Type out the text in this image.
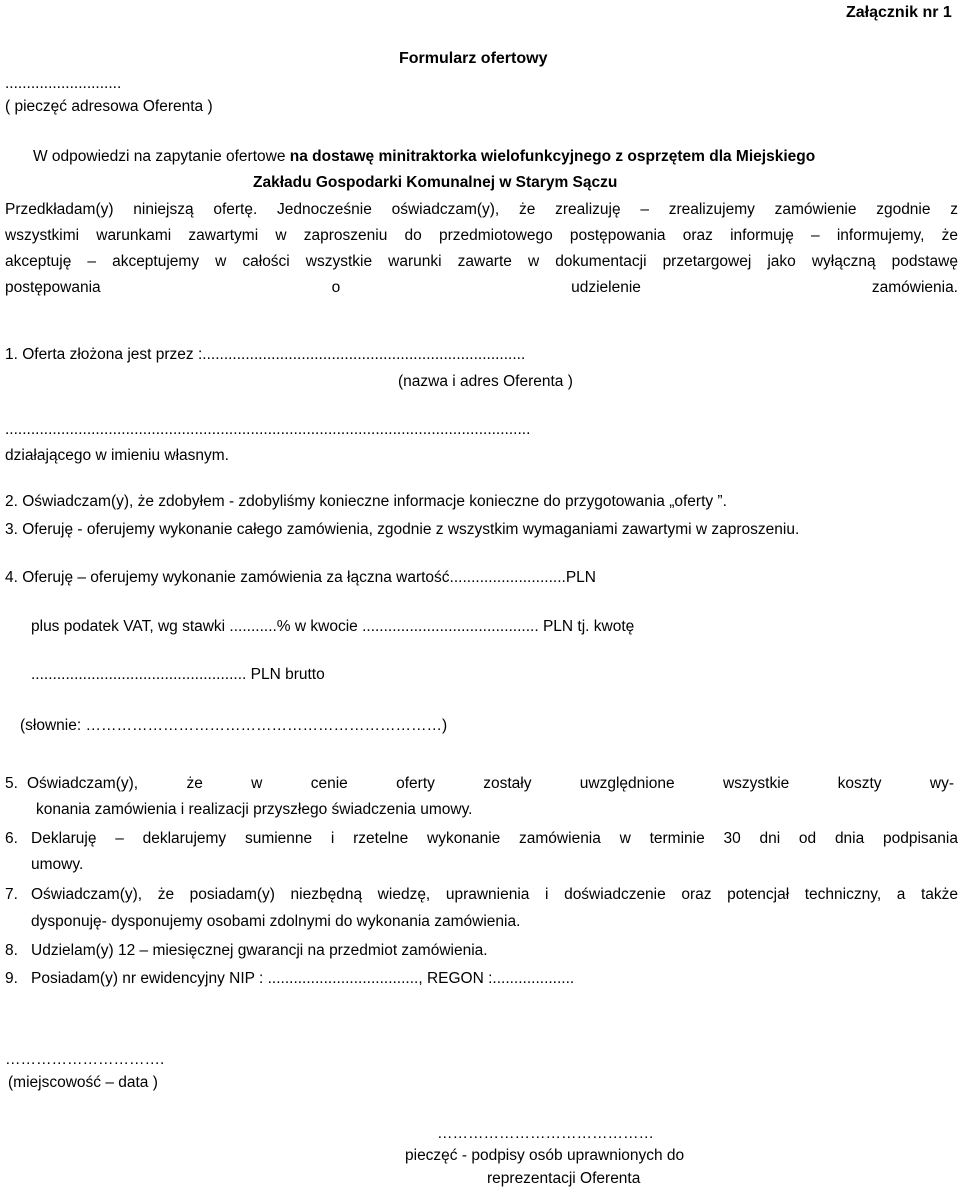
Załącznik nr 1
Formularz ofertowy
...........................
( pieczęć adresowa Oferenta )
W odpowiedzi na zapytanie ofertowe na dostawę minitraktorka wielofunkcyjnego z osprzętem dla Miejskiego
Zakładu Gospodarki Komunalnej w Starym Sączu
Przedkładam(y) niniejszą ofertę. Jednocześnie oświadczam(y), że zrealizuję – zrealizujemy zamówienie zgodnie z
wszystkimi warunkami zawartymi w zaproszeniu do przedmiotowego postępowania oraz informuję – informujemy, że
akceptuję – akceptujemy w całości wszystkie warunki zawarte w dokumentacji przetargowej jako wyłączną podstawę
postępowania o udzielenie zamówienia.
1. Oferta złożona jest przez :...........................................................................
(nazwa i adres Oferenta )
..........................................................................................................................
działającego w imieniu własnym.
2. Oświadczam(y), że zdobyłem - zdobyliśmy konieczne informacje konieczne do przygotowania „oferty ”.
3. Oferuję - oferujemy wykonanie całego zamówienia, zgodnie z wszystkim wymaganiami zawartymi w zaproszeniu.
4. Oferuję – oferujemy wykonanie zamówienia za łączna wartość...........................PLN
plus podatek VAT, wg stawki ...........% w kwocie ......................................... PLN tj. kwotę
.................................................. PLN brutto
(słownie: ……………………………………………………………)
5. Oświadczam(y), że w cenie oferty zostały uwzględnione wszystkie koszty wy-
konania zamówienia i realizacji przyszłego świadczenia umowy.
6. Deklaruję – deklarujemy sumienne i rzetelne wykonanie zamówienia w terminie 30 dni od dnia podpisania
umowy.
7. Oświadczam(y), że posiadam(y) niezbędną wiedzę, uprawnienia i doświadczenie oraz potencjał techniczny, a także
dysponuję- dysponujemy osobami zdolnymi do wykonania zamówienia.
8. Udzielam(y) 12 – miesięcznej gwarancji na przedmiot zamówienia.
9. Posiadam(y) nr ewidencyjny NIP : ..................................., REGON :...................
………………………….
(miejscowość – data )
……………………………………
pieczęć - podpisy osób uprawnionych do
reprezentacji Oferenta
